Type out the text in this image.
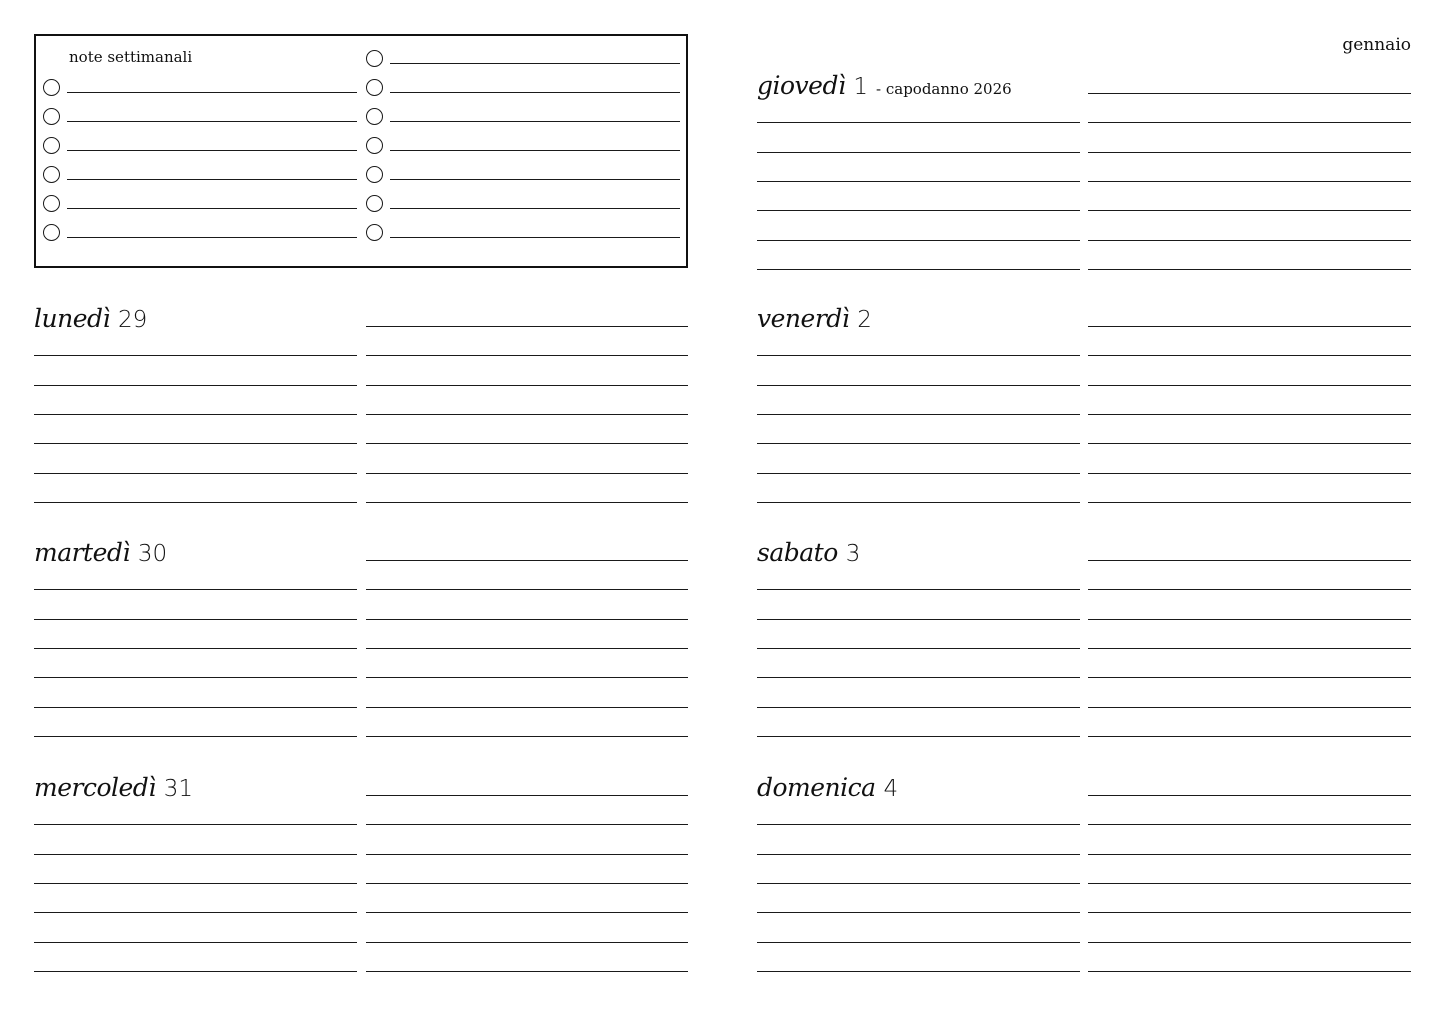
note settimanali
gennaio
lunedì 29
martedì 30
mercoledì 31
giovedì 1 - capodanno 2026
venerdì 2
sabato 3
domenica 4
